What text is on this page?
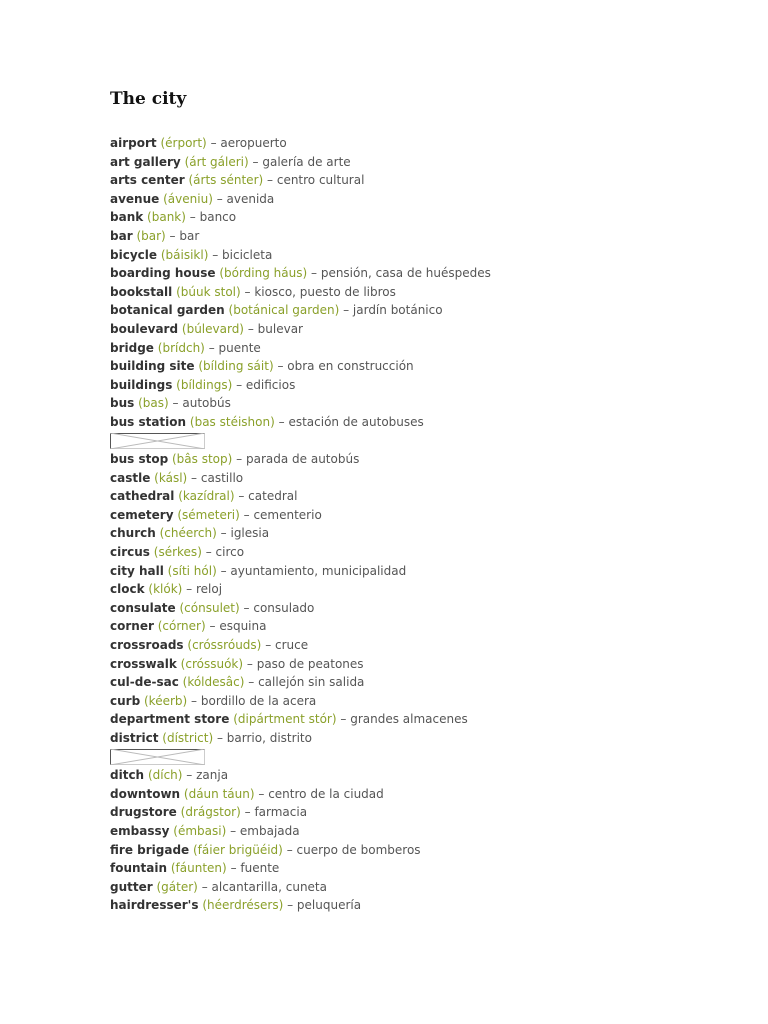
The city
airport (érport) – aeropuerto
art gallery (árt gáleri) – galería de arte
arts center (árts sénter) – centro cultural
avenue (áveniu) – avenida
bank (bank) – banco
bar (bar) – bar
bicycle (báisikl) – bicicleta
boarding house (bórding háus) – pensión, casa de huéspedes
bookstall (búuk stol) – kiosco, puesto de libros
botanical garden (botánical garden) – jardín botánico
boulevard (búlevard) – bulevar
bridge (brídch) – puente
building site (bílding sáit) – obra en construcción
buildings (bíldings) – edificios
bus (bas) – autobús
bus station (bas stéishon) – estación de autobuses
bus stop (bâs stop) – parada de autobús
castle (kásl) – castillo
cathedral (kazídral) – catedral
cemetery (sémeteri) – cementerio
church (chéerch) – iglesia
circus (sérkes) – circo
city hall (síti hól) – ayuntamiento, municipalidad
clock (klók) – reloj
consulate (cónsulet) – consulado
corner (córner) – esquina
crossroads (cróssróuds) – cruce
crosswalk (cróssuók) – paso de peatones
cul-de-sac (kóldesâc) – callejón sin salida
curb (kéerb) – bordillo de la acera
department store (dipártment stór) – grandes almacenes
district (dístrict) – barrio, distrito
ditch (dích) – zanja
downtown (dáun táun) – centro de la ciudad
drugstore (drágstor) – farmacia
embassy (émbasi) – embajada
fire brigade (fáier brigüéid) – cuerpo de bomberos
fountain (fáunten) – fuente
gutter (gáter) – alcantarilla, cuneta
hairdresser's (héerdrésers) – peluquería
